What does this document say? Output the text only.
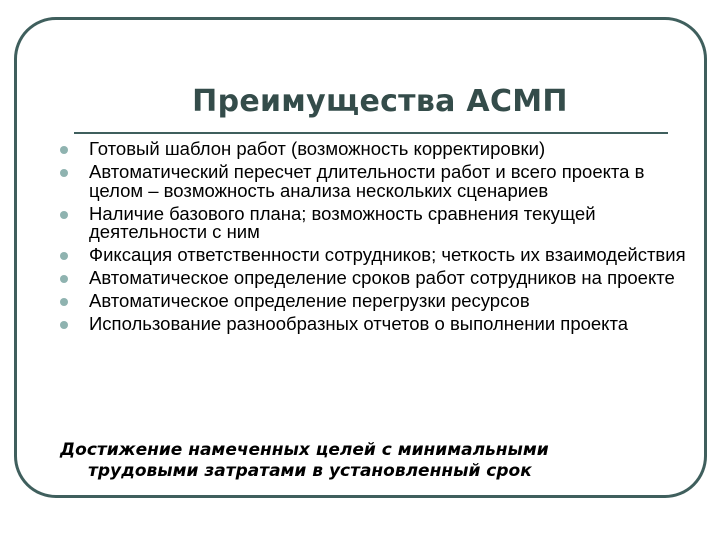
Преимущества АСМП
Готовый шаблон работ (возможность корректировки)
Автоматический пересчет длительности работ и всего проекта в целом – возможность анализа нескольких сценариев
Наличие базового плана; возможность сравнения текущей деятельности с ним
Фиксация ответственности сотрудников; четкость их взаимодействия
Автоматическое определение сроков работ сотрудников на проекте
Автоматическое определение перегрузки ресурсов
Использование разнообразных отчетов о выполнении проекта
Достижение намеченных целей с минимальными
трудовыми затратами в установленный срок
